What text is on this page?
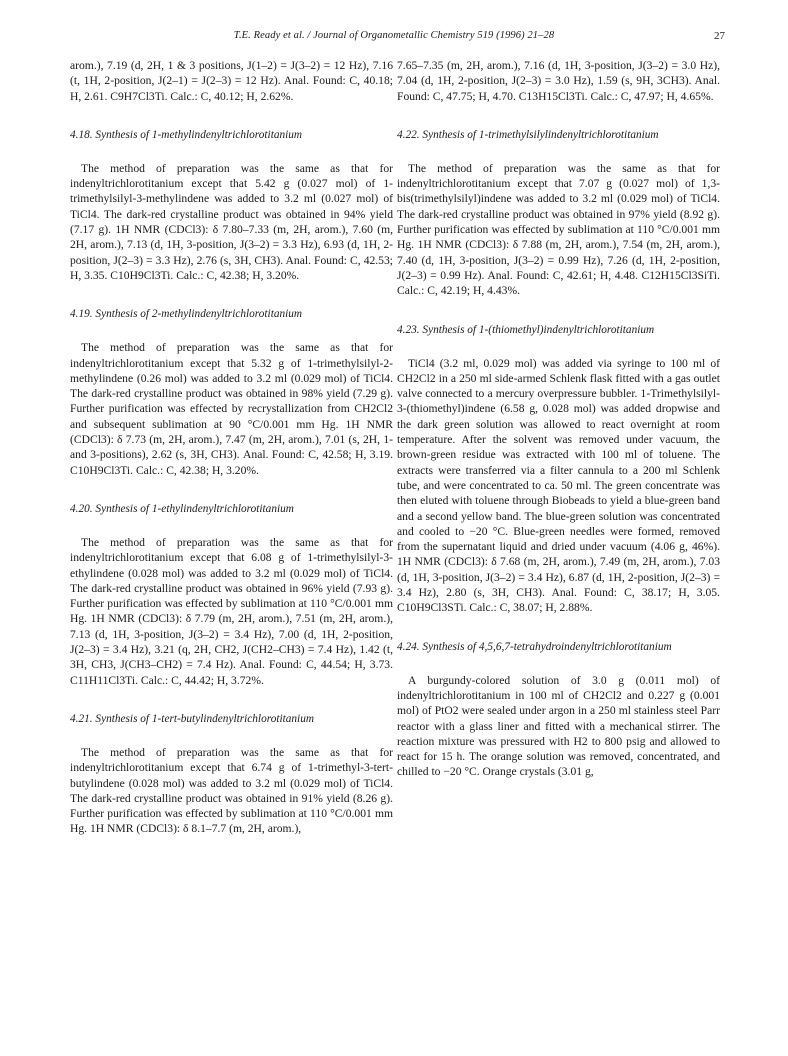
T.E. Ready et al. / Journal of Organometallic Chemistry 519 (1996) 21–28	27

arom.), 7.19 (d, 2H, 1 & 3 positions, J(1–2) = J(3–2) = 12 Hz), 7.16 (t, 1H, 2-position, J(2–1) = J(2–3) = 12 Hz). Anal. Found: C, 40.18; H, 2.61. C9H7Cl3Ti. Calc.: C, 40.12; H, 2.62%.

4.18. Synthesis of 1-methylindenyltrichlorotitanium

The method of preparation was the same as that for indenyltrichlorotitanium except that 5.42 g (0.027 mol) of 1-trimethylsilyl-3-methylindene was added to 3.2 ml (0.027 mol) of TiCl4. The dark-red crystalline product was obtained in 94% yield (7.17 g). 1H NMR (CDCl3): δ 7.80–7.33 (m, 2H, arom.), 7.60 (m, 2H, arom.), 7.13 (d, 1H, 3-position, J(3–2) = 3.3 Hz), 6.93 (d, 1H, 2-position, J(2–3) = 3.3 Hz), 2.76 (s, 3H, CH3). Anal. Found: C, 42.53; H, 3.35. C10H9Cl3Ti. Calc.: C, 42.38; H, 3.20%.

4.19. Synthesis of 2-methylindenyltrichlorotitanium

The method of preparation was the same as that for indenyltrichlorotitanium except that 5.32 g of 1-trimethylsilyl-2-methylindene (0.26 mol) was added to 3.2 ml (0.029 mol) of TiCl4. The dark-red crystalline product was obtained in 98% yield (7.29 g). Further purification was effected by recrystallization from CH2Cl2 and subsequent sublimation at 90 °C/0.001 mm Hg. 1H NMR (CDCl3): δ 7.73 (m, 2H, arom.), 7.47 (m, 2H, arom.), 7.01 (s, 2H, 1- and 3-positions), 2.62 (s, 3H, CH3). Anal. Found: C, 42.58; H, 3.19. C10H9Cl3Ti. Calc.: C, 42.38; H, 3.20%.

4.20. Synthesis of 1-ethylindenyltrichlorotitanium

The method of preparation was the same as that for indenyltrichlorotitanium except that 6.08 g of 1-trimethylsilyl-3-ethylindene (0.028 mol) was added to 3.2 ml (0.029 mol) of TiCl4. The dark-red crystalline product was obtained in 96% yield (7.93 g). Further purification was effected by sublimation at 110 °C/0.001 mm Hg. 1H NMR (CDCl3): δ 7.79 (m, 2H, arom.), 7.51 (m, 2H, arom.), 7.13 (d, 1H, 3-position, J(3–2) = 3.4 Hz), 7.00 (d, 1H, 2-position, J(2–3) = 3.4 Hz), 3.21 (q, 2H, CH2, J(CH2–CH3) = 7.4 Hz), 1.42 (t, 3H, CH3, J(CH3–CH2) = 7.4 Hz). Anal. Found: C, 44.54; H, 3.73. C11H11Cl3Ti. Calc.: C, 44.42; H, 3.72%.

4.21. Synthesis of 1-tert-butylindenyltrichlorotitanium

The method of preparation was the same as that for indenyltrichlorotitanium except that 6.74 g of 1-trimethyl-3-tert-butylindene (0.028 mol) was added to 3.2 ml (0.029 mol) of TiCl4. The dark-red crystalline product was obtained in 91% yield (8.26 g). Further purification was effected by sublimation at 110 °C/0.001 mm Hg. 1H NMR (CDCl3): δ 8.1–7.7 (m, 2H, arom.),

7.65–7.35 (m, 2H, arom.), 7.16 (d, 1H, 3-position, J(3–2) = 3.0 Hz), 7.04 (d, 1H, 2-position, J(2–3) = 3.0 Hz), 1.59 (s, 9H, 3CH3). Anal. Found: C, 47.75; H, 4.70. C13H15Cl3Ti. Calc.: C, 47.97; H, 4.65%.

4.22. Synthesis of 1-trimethylsilylindenyltrichlorotitanium

The method of preparation was the same as that for indenyltrichlorotitanium except that 7.07 g (0.027 mol) of 1,3-bis(trimethylsilyl)indene was added to 3.2 ml (0.029 mol) of TiCl4. The dark-red crystalline product was obtained in 97% yield (8.92 g). Further purification was effected by sublimation at 110 °C/0.001 mm Hg. 1H NMR (CDCl3): δ 7.88 (m, 2H, arom.), 7.54 (m, 2H, arom.), 7.40 (d, 1H, 3-position, J(3–2) = 0.99 Hz), 7.26 (d, 1H, 2-position, J(2–3) = 0.99 Hz). Anal. Found: C, 42.61; H, 4.48. C12H15Cl3SiTi. Calc.: C, 42.19; H, 4.43%.

4.23. Synthesis of 1-(thiomethyl)indenyltrichlorotitanium

TiCl4 (3.2 ml, 0.029 mol) was added via syringe to 100 ml of CH2Cl2 in a 250 ml side-armed Schlenk flask fitted with a gas outlet valve connected to a mercury overpressure bubbler. 1-Trimethylsilyl-3-(thiomethyl)indene (6.58 g, 0.028 mol) was added dropwise and the dark green solution was allowed to react overnight at room temperature. After the solvent was removed under vacuum, the brown-green residue was extracted with 100 ml of toluene. The extracts were transferred via a filter cannula to a 200 ml Schlenk tube, and were concentrated to ca. 50 ml. The green concentrate was then eluted with toluene through Biobeads to yield a blue-green band and a second yellow band. The blue-green solution was concentrated and cooled to −20 °C. Blue-green needles were formed, removed from the supernatant liquid and dried under vacuum (4.06 g, 46%). 1H NMR (CDCl3): δ 7.68 (m, 2H, arom.), 7.49 (m, 2H, arom.), 7.03 (d, 1H, 3-position, J(3–2) = 3.4 Hz), 6.87 (d, 1H, 2-position, J(2–3) = 3.4 Hz), 2.80 (s, 3H, CH3). Anal. Found: C, 38.17; H, 3.05. C10H9Cl3STi. Calc.: C, 38.07; H, 2.88%.

4.24. Synthesis of 4,5,6,7-tetrahydroindenyltrichlorotitanium

A burgundy-colored solution of 3.0 g (0.011 mol) of indenyltrichlorotitanium in 100 ml of CH2Cl2 and 0.227 g (0.001 mol) of PtO2 were sealed under argon in a 250 ml stainless steel Parr reactor with a glass liner and fitted with a mechanical stirrer. The reaction mixture was pressured with H2 to 800 psig and allowed to react for 15 h. The orange solution was removed, concentrated, and chilled to −20 °C. Orange crystals (3.01 g,
